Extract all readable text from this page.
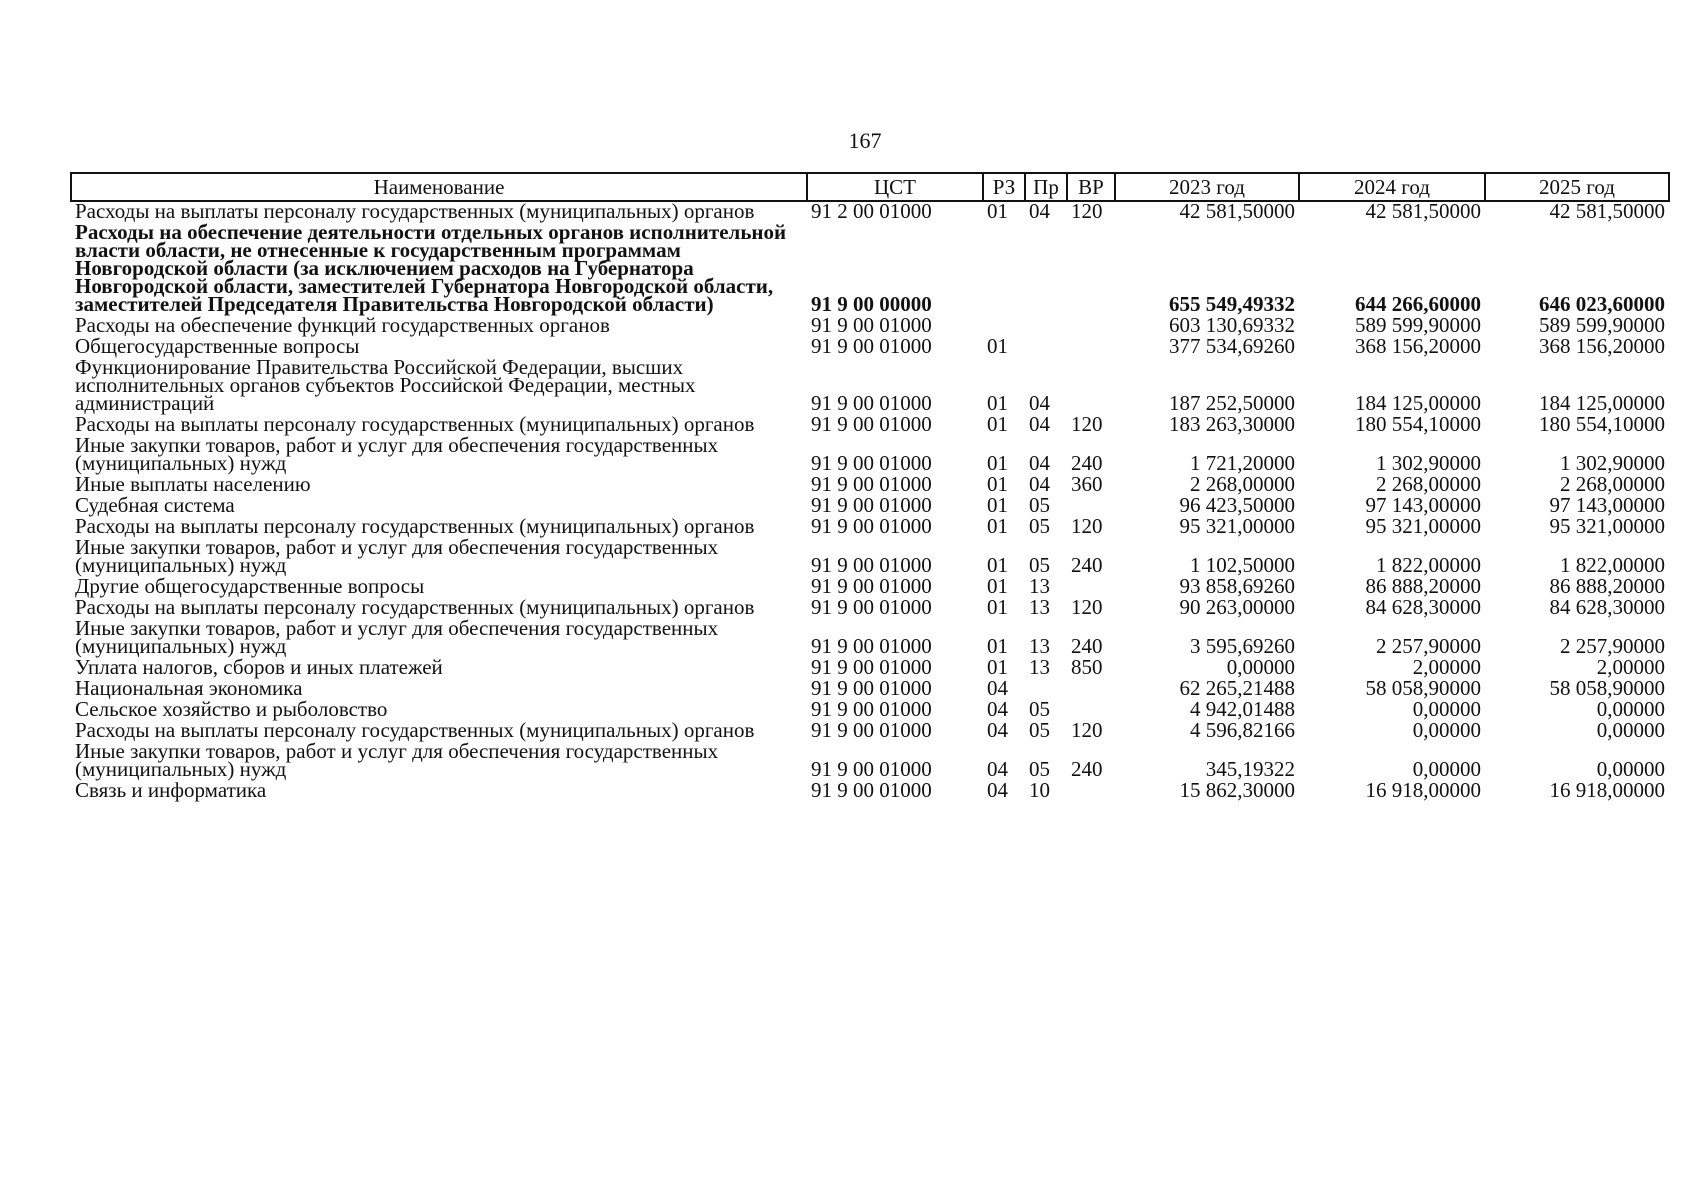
167
Наименование	ЦСТ	РЗ	Пр	ВР	2023 год	2024 год	2025 год
Расходы на выплаты персоналу государственных (муниципальных) органов	91 2 00 01000	01	04	120	42 581,50000	42 581,50000	42 581,50000
Расходы на обеспечение деятельности отдельных органов исполнительной власти области, не отнесенные к государственным программам Новгородской области (за исключением расходов на Губернатора Новгородской области, заместителей Губернатора Новгородской области, заместителей Председателя Правительства Новгородской области)	91 9 00 00000				655 549,49332	644 266,60000	646 023,60000
Расходы на обеспечение функций государственных органов	91 9 00 01000				603 130,69332	589 599,90000	589 599,90000
Общегосударственные вопросы	91 9 00 01000	01			377 534,69260	368 156,20000	368 156,20000
Функционирование Правительства Российской Федерации, высших исполнительных органов субъектов Российской Федерации, местных администраций	91 9 00 01000	01	04		187 252,50000	184 125,00000	184 125,00000
Расходы на выплаты персоналу государственных (муниципальных) органов	91 9 00 01000	01	04	120	183 263,30000	180 554,10000	180 554,10000
Иные закупки товаров, работ и услуг для обеспечения государственных (муниципальных) нужд	91 9 00 01000	01	04	240	1 721,20000	1 302,90000	1 302,90000
Иные выплаты населению	91 9 00 01000	01	04	360	2 268,00000	2 268,00000	2 268,00000
Судебная система	91 9 00 01000	01	05		96 423,50000	97 143,00000	97 143,00000
Расходы на выплаты персоналу государственных (муниципальных) органов	91 9 00 01000	01	05	120	95 321,00000	95 321,00000	95 321,00000
Иные закупки товаров, работ и услуг для обеспечения государственных (муниципальных) нужд	91 9 00 01000	01	05	240	1 102,50000	1 822,00000	1 822,00000
Другие общегосударственные вопросы	91 9 00 01000	01	13		93 858,69260	86 888,20000	86 888,20000
Расходы на выплаты персоналу государственных (муниципальных) органов	91 9 00 01000	01	13	120	90 263,00000	84 628,30000	84 628,30000
Иные закупки товаров, работ и услуг для обеспечения государственных (муниципальных) нужд	91 9 00 01000	01	13	240	3 595,69260	2 257,90000	2 257,90000
Уплата налогов, сборов и иных платежей	91 9 00 01000	01	13	850	0,00000	2,00000	2,00000
Национальная экономика	91 9 00 01000	04			62 265,21488	58 058,90000	58 058,90000
Сельское хозяйство и рыболовство	91 9 00 01000	04	05		4 942,01488	0,00000	0,00000
Расходы на выплаты персоналу государственных (муниципальных) органов	91 9 00 01000	04	05	120	4 596,82166	0,00000	0,00000
Иные закупки товаров, работ и услуг для обеспечения государственных (муниципальных) нужд	91 9 00 01000	04	05	240	345,19322	0,00000	0,00000
Связь и информатика	91 9 00 01000	04	10		15 862,30000	16 918,00000	16 918,00000
